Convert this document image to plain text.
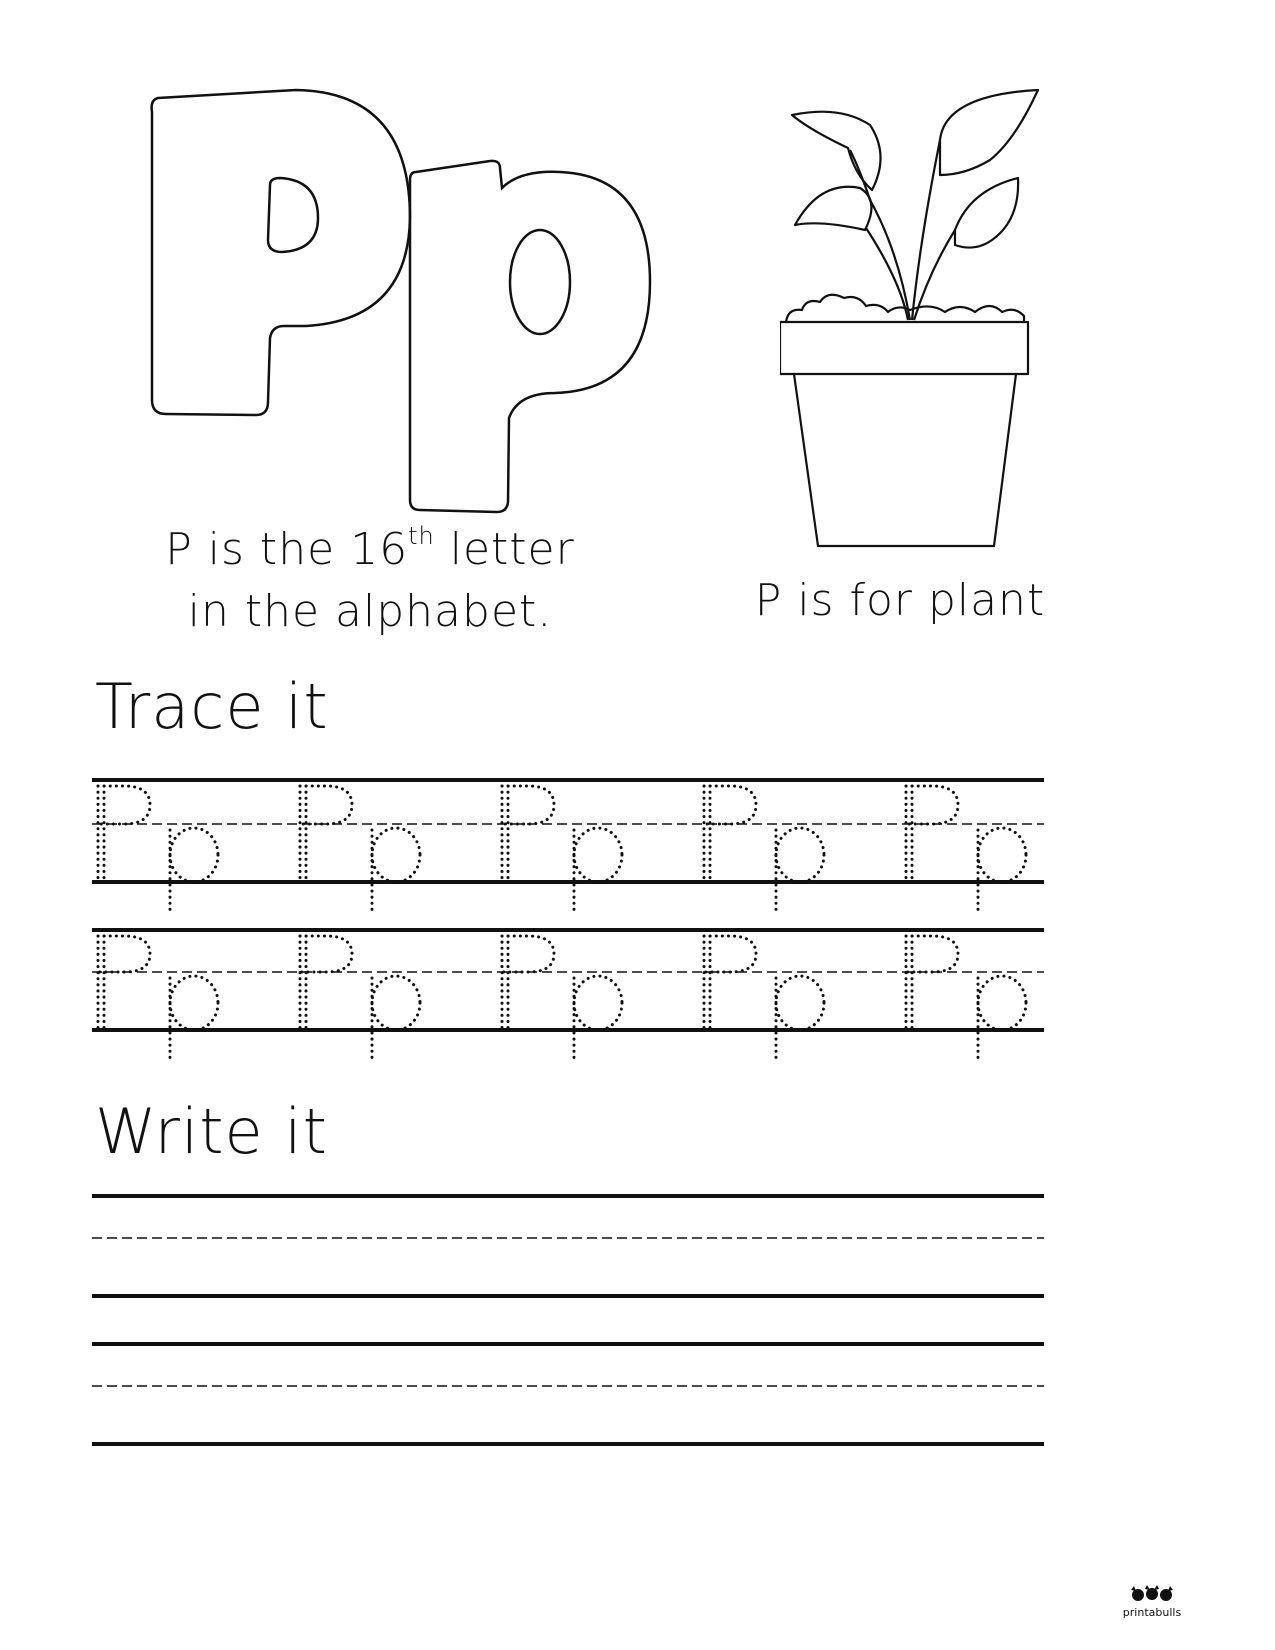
P is the 16th letter
in the alphabet.	P is for plant
Trace it
Write it
printabulls
